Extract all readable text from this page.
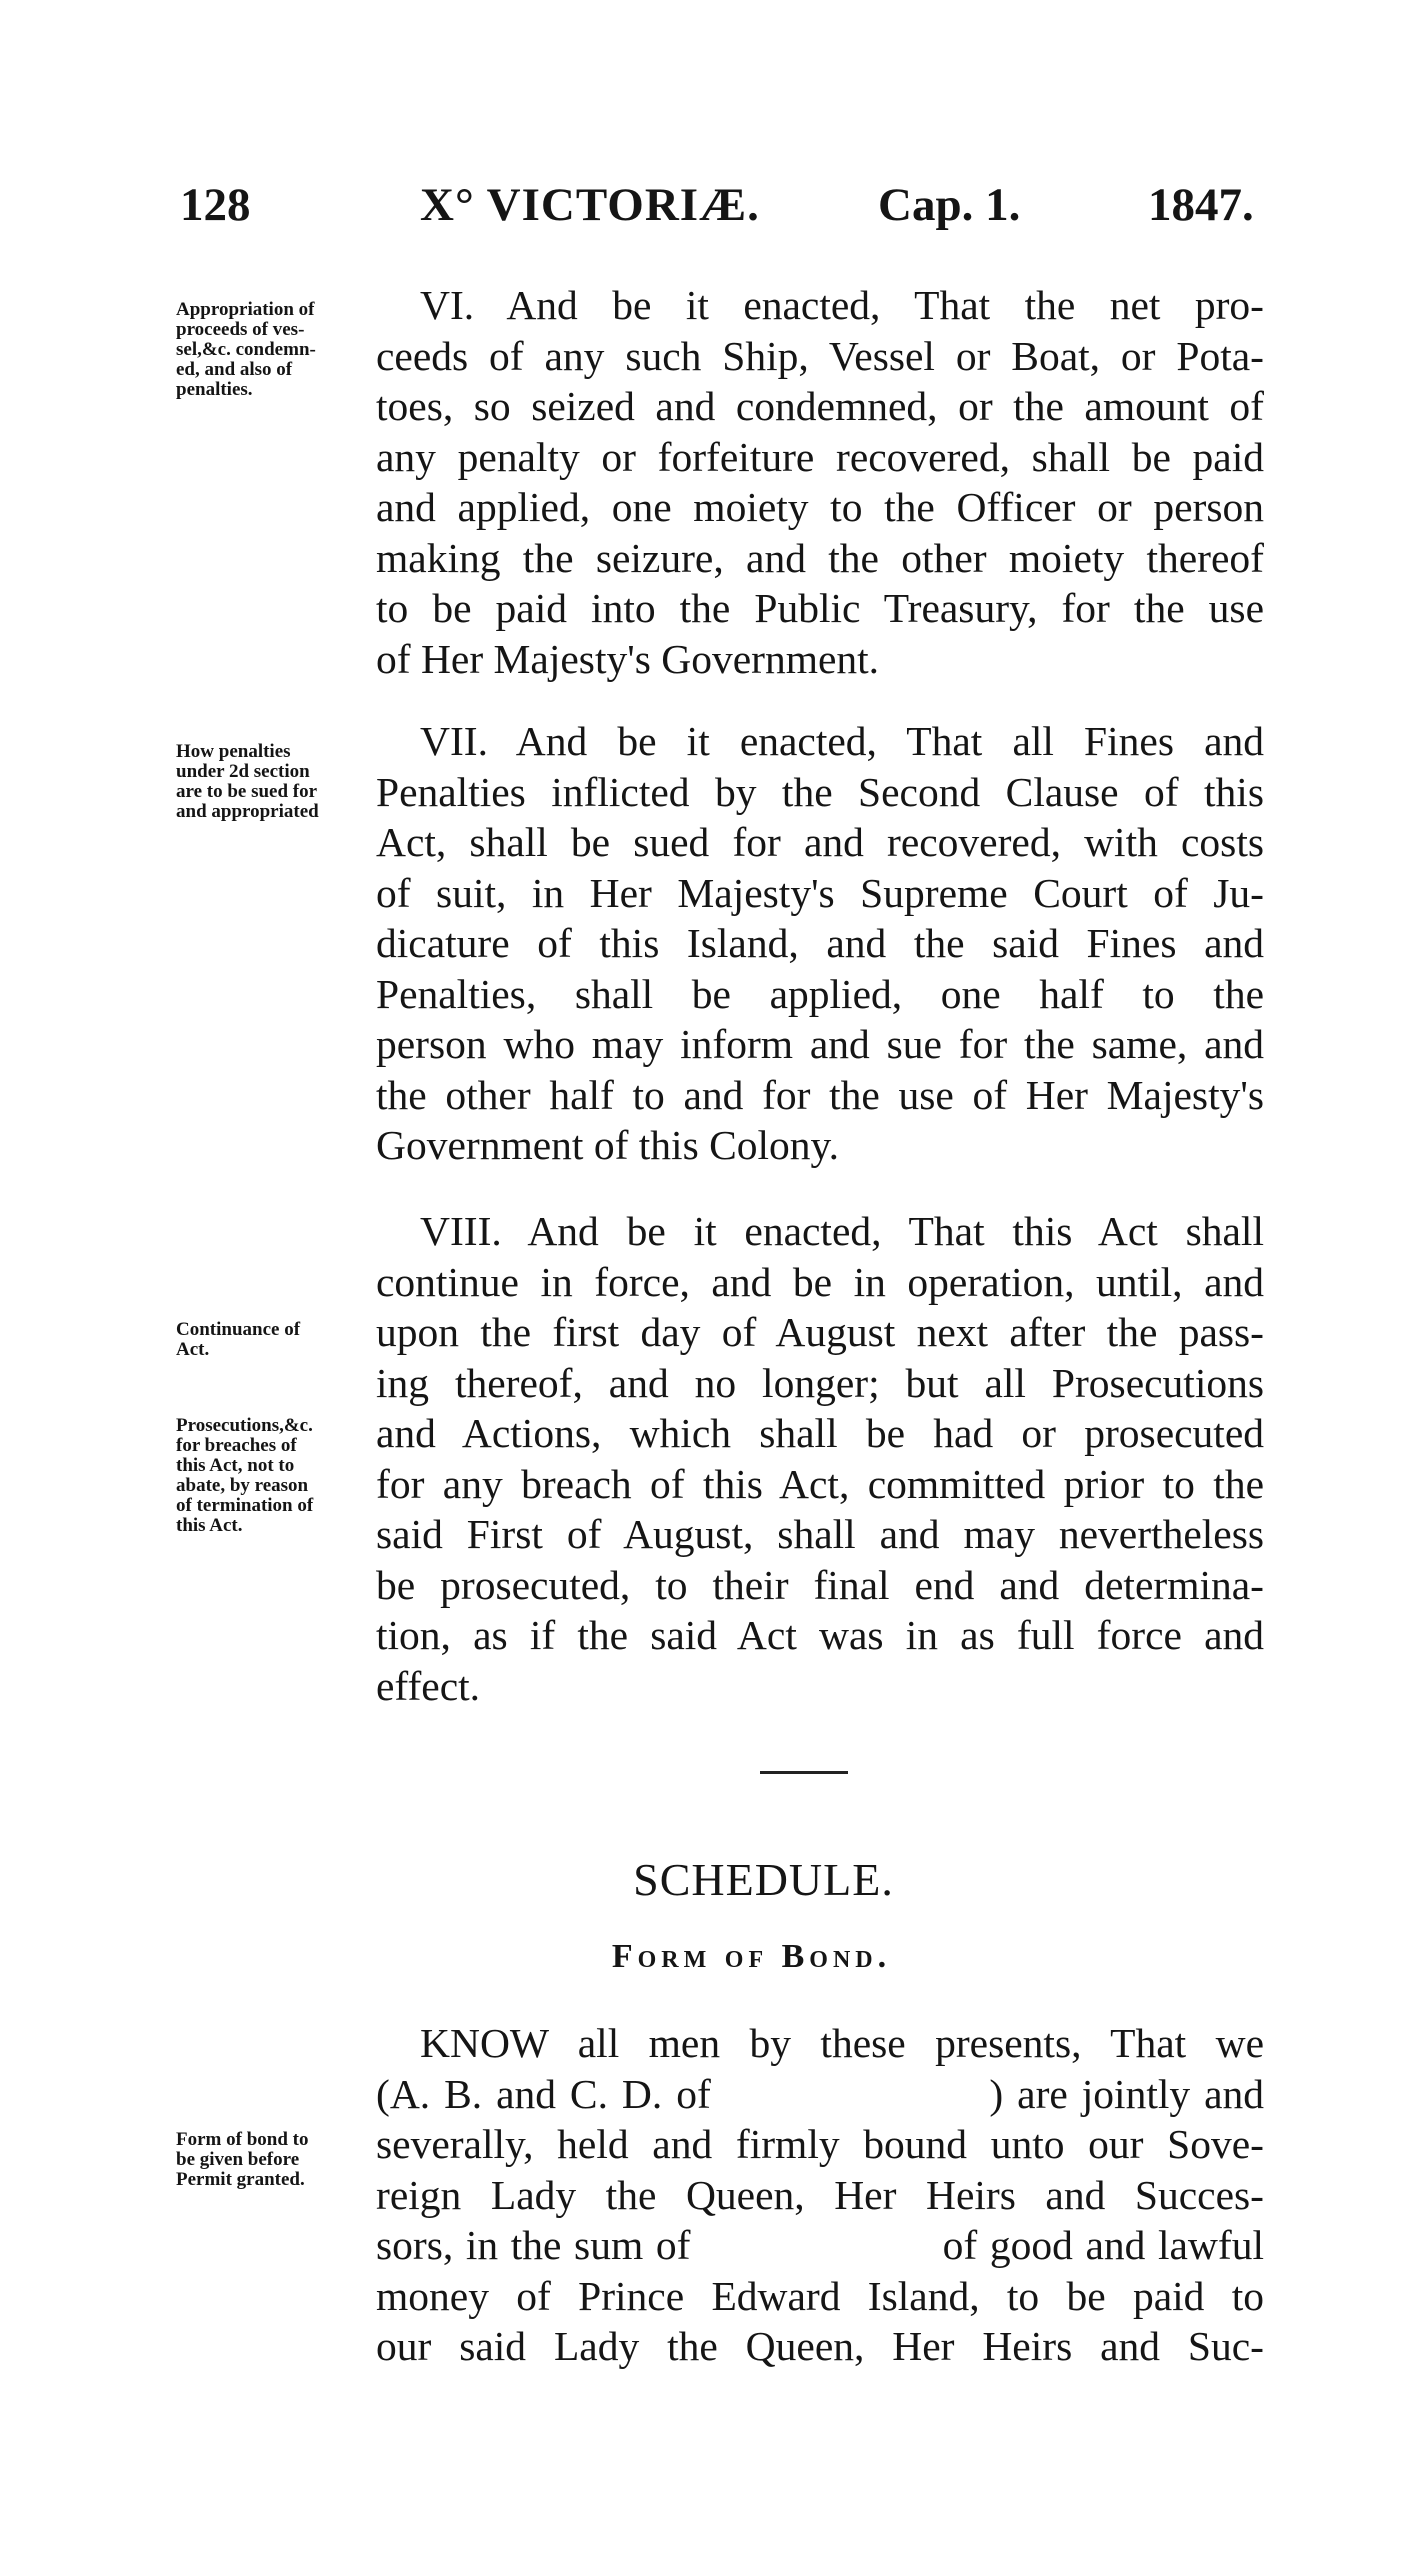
128	X° VICTORIÆ.	Cap. 1.	1847.
Appropriation of
proceeds of ves-
sel,&c. condemn-
ed, and also of
penalties.
VI. And be it enacted, That the net pro-
ceeds of any such Ship, Vessel or Boat, or Pota-
toes, so seized and condemned, or the amount of
any penalty or forfeiture recovered, shall be paid
and applied, one moiety to the Officer or person
making the seizure, and the other moiety thereof
to be paid into the Public Treasury, for the use
of Her Majesty's Government.
How penalties
under 2d section
are to be sued for
and appropriated
VII. And be it enacted, That all Fines and
Penalties inflicted by the Second Clause of this
Act, shall be sued for and recovered, with costs
of suit, in Her Majesty's Supreme Court of Ju-
dicature of this Island, and the said Fines and
Penalties, shall be applied, one half to the
person who may inform and sue for the same, and
the other half to and for the use of Her Majesty's
Government of this Colony.
Continuance of
Act.
Prosecutions,&c.
for breaches of
this Act, not to
abate, by reason
of termination of
this Act.
VIII. And be it enacted, That this Act shall
continue in force, and be in operation, until, and
upon the first day of August next after the pass-
ing thereof, and no longer; but all Prosecutions
and Actions, which shall be had or prosecuted
for any breach of this Act, committed prior to the
said First of August, shall and may nevertheless
be prosecuted, to their final end and determina-
tion, as if the said Act was in as full force and
effect.
SCHEDULE.
Form of Bond.
Form of bond to
be given before
Permit granted.
KNOW all men by these presents, That we
(A. B. and C. D. of                    ) are jointly and
severally, held and firmly bound unto our Sove-
reign Lady the Queen, Her Heirs and Succes-
sors, in the sum of                    of good and lawful
money of Prince Edward Island, to be paid to
our said Lady the Queen, Her Heirs and Suc-
